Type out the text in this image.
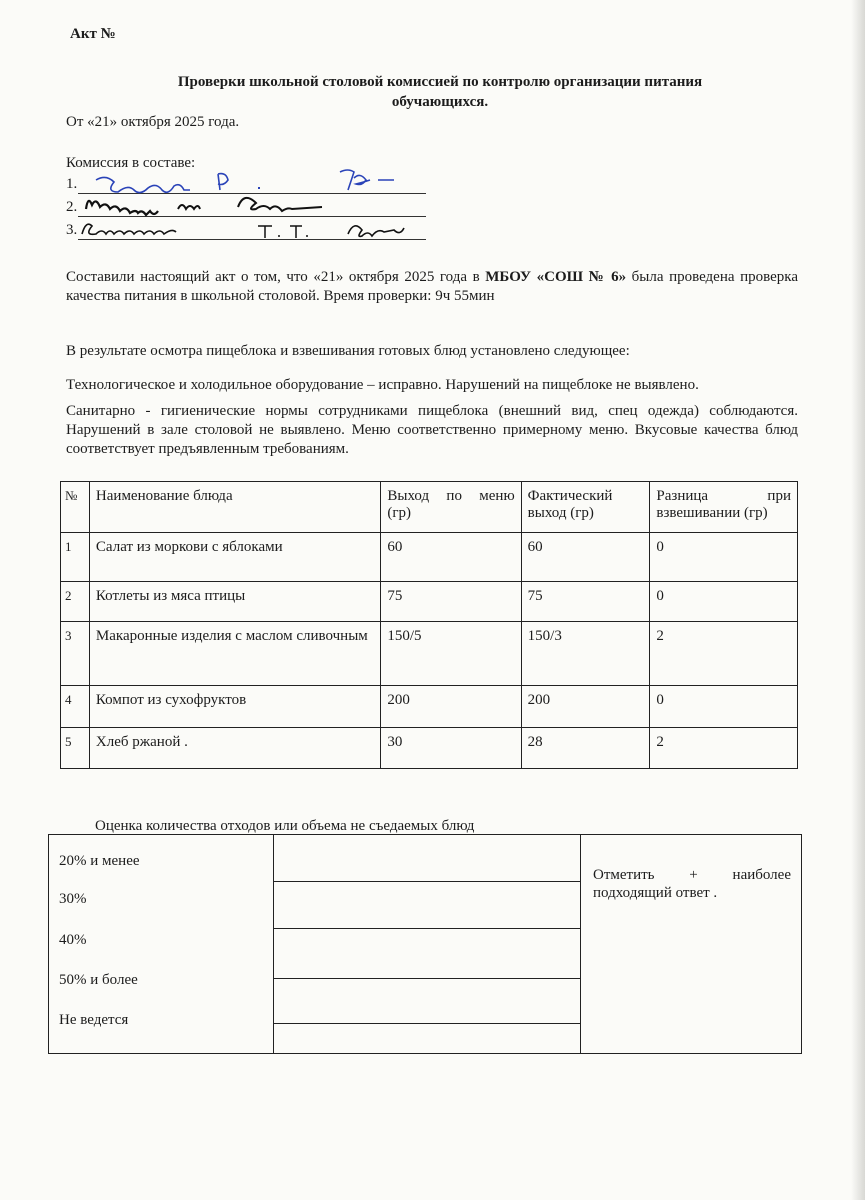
Акт №
Проверки школьной столовой комиссией по контролю организации питания
обучающихся.
От «21» октября 2025 года.
Комиссия в составе:
1.
2.
3.
Составили настоящий акт о том, что «21» октября 2025 года в МБОУ «СОШ № 6» была проведена проверка качества питания в школьной столовой. Время проверки: 9ч 55мин
В результате осмотра пищеблока и взвешивания готовых блюд установлено следующее:
Технологическое и холодильное оборудование – исправно. Нарушений на пищеблоке не выявлено.
Санитарно - гигиенические нормы сотрудниками пищеблока (внешний вид, спец одежда) соблюдаются. Нарушений в зале столовой не выявлено. Меню соответственно примерному меню. Вкусовые качества блюд соответствует предъявленным требованиям.
№	Наименование блюда	Выход по меню (гр)	Фактический выход (гр)	Разница при взвешивании (гр)
1	Салат из моркови с яблоками	60	60	0
2	Котлеты из мяса птицы	75	75	0
3	Макаронные изделия с маслом сливочным	150/5	150/3	2
4	Компот из сухофруктов	200	200	0
5	Хлеб ржаной .	30	28	2
Оценка количества отходов или объема не съедаемых блюд
20% и менее
30%
40%
50% и более
Не ведется
Отметить + наиболее
подходящий ответ .
